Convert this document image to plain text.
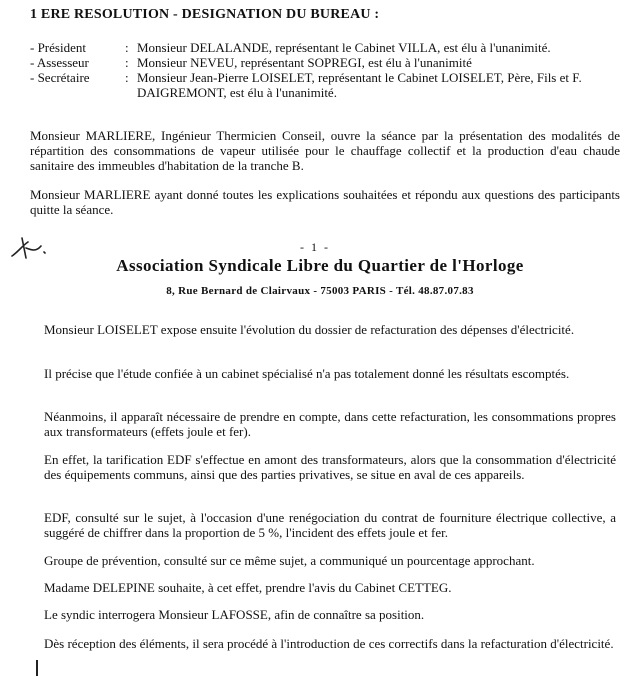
1 ERE RESOLUTION - DESIGNATION DU BUREAU :
- Président	: Monsieur DELALANDE, représentant le Cabinet VILLA, est élu à l'unanimité.
- Assesseur	: Monsieur NEVEU, représentant SOPREGI, est élu à l'unanimité
- Secrétaire	: Monsieur Jean-Pierre LOISELET, représentant le Cabinet LOISELET, Père, Fils et F. DAIGREMONT, est élu à l'unanimité.
Monsieur MARLIERE, Ingénieur Thermicien Conseil, ouvre la séance par la présentation des modalités de répartition des consommations de vapeur utilisée pour le chauffage collectif et la production d'eau chaude sanitaire des immeubles d'habitation de la tranche B.
Monsieur MARLIERE ayant donné toutes les explications souhaitées et répondu aux questions des participants quitte la séance.
- 1 -
Association Syndicale Libre du Quartier de l'Horloge
8, Rue Bernard de Clairvaux - 75003 PARIS - Tél. 48.87.07.83
Monsieur LOISELET expose ensuite l'évolution du dossier de refacturation des dépenses d'électricité.
Il précise que l'étude confiée à un cabinet spécialisé n'a pas totalement donné les résultats escomptés.
Néanmoins, il apparaît nécessaire de prendre en compte, dans cette refacturation, les consommations propres aux transformateurs (effets joule et fer).
En effet, la tarification EDF s'effectue en amont des transformateurs, alors que la consommation d'électricité des équipements communs, ainsi que des parties privatives, se situe en aval de ces appareils.
EDF, consulté sur le sujet, à l'occasion d'une renégociation du contrat de fourniture électrique collective, a suggéré de chiffrer dans la proportion de 5 %, l'incident des effets joule et fer.
Groupe de prévention, consulté sur ce même sujet, a communiqué un pourcentage approchant.
Madame DELEPINE souhaite, à cet effet, prendre l'avis du Cabinet CETTEG.
Le syndic interrogera Monsieur LAFOSSE, afin de connaître sa position.
Dès réception des éléments, il sera procédé à l'introduction de ces correctifs dans la refacturation d'électricité.
